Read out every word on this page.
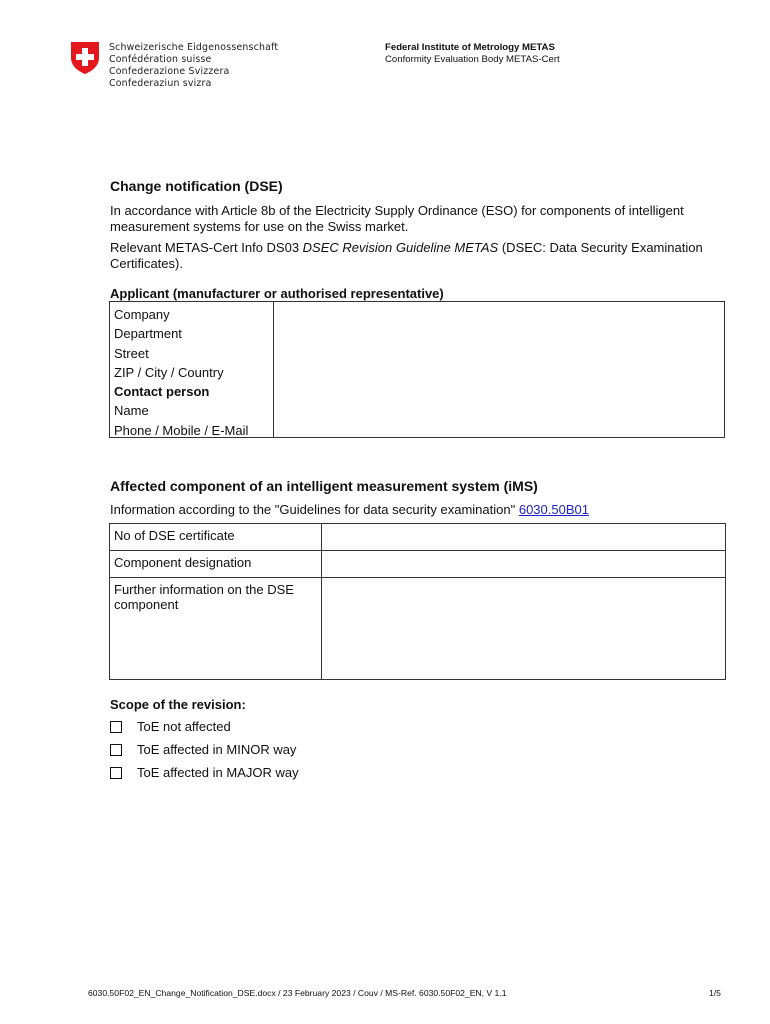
Schweizerische Eidgenossenschaft
Confédération suisse
Confederazione Svizzera
Confederaziun svizra
Federal Institute of Metrology METAS
Conformity Evaluation Body METAS-Cert
Change notification (DSE)

In accordance with Article 8b of the Electricity Supply Ordinance (ESO) for components of intelligent measurement systems for use on the Swiss market.

Relevant METAS-Cert Info DS03 DSEC Revision Guideline METAS (DSEC: Data Security Examination Certificates).

Applicant (manufacturer or authorised representative)
Company
Department
Street
ZIP / City / Country
Contact person
Name
Phone / Mobile / E-Mail
Affected component of an intelligent measurement system (iMS)

Information according to the "Guidelines for data security examination" 6030.50B01

No of DSE certificate	
Component designation	
Further information on the DSE component	
Scope of the revision:
ToE not affected
ToE affected in MINOR way
ToE affected in MAJOR way
6030.50F02_EN_Change_Notification_DSE.docx / 23 February 2023 / Couv / MS-Ref. 6030.50F02_EN, V 1.1	1/5
